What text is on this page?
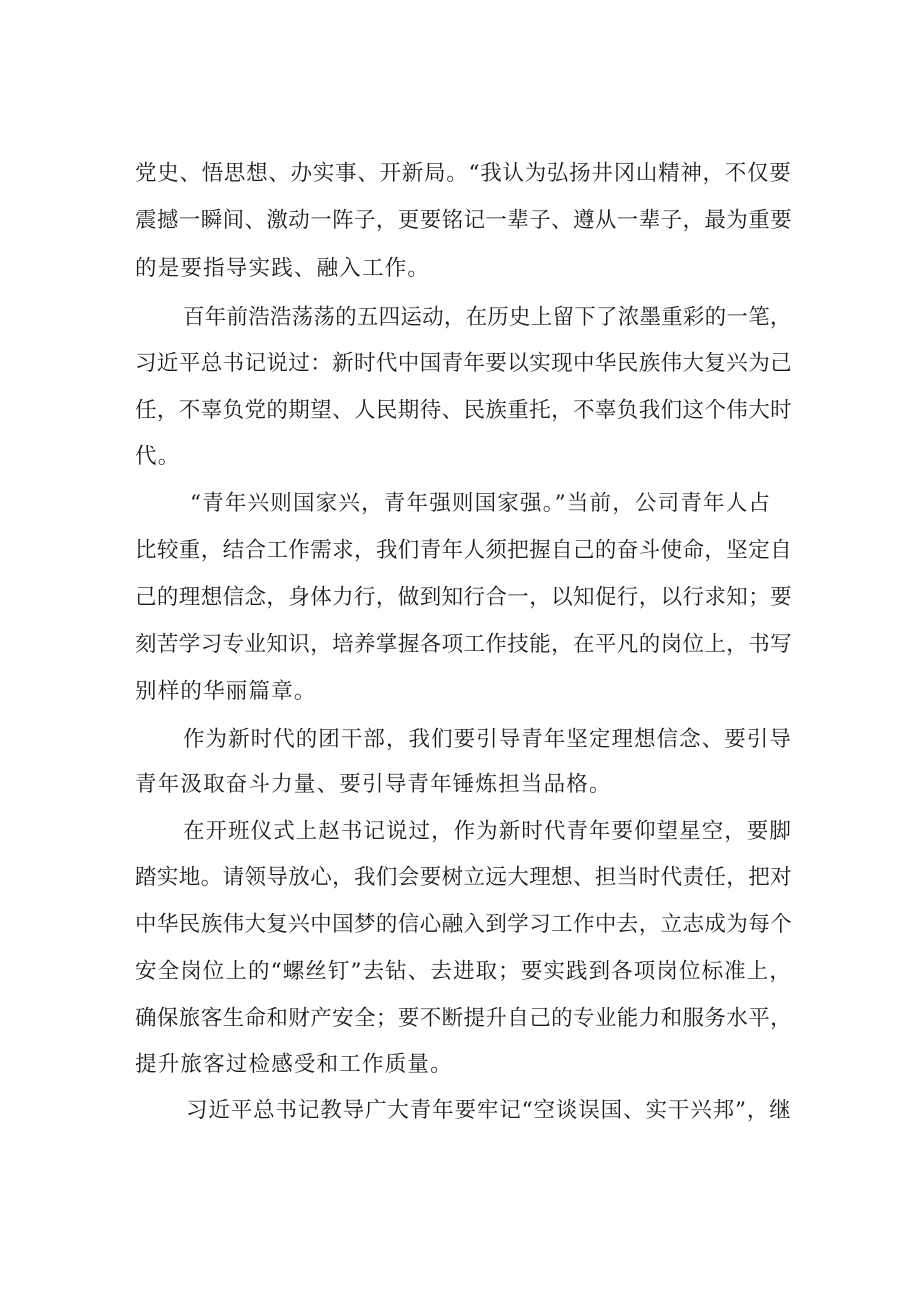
党史、悟思想、办实事、开新局。“我认为弘扬井冈山精神，不仅要
震撼一瞬间、激动一阵子，更要铭记一辈子、遵从一辈子，最为重要
的是要指导实践、融入工作。
百年前浩浩荡荡的五四运动，在历史上留下了浓墨重彩的一笔，
习近平总书记说过：新时代中国青年要以实现中华民族伟大复兴为己
任，不辜负党的期望、人民期待、民族重托，不辜负我们这个伟大时
代。
“青年兴则国家兴，青年强则国家强。”当前，公司青年人占
比较重，结合工作需求，我们青年人须把握自己的奋斗使命，坚定自
己的理想信念，身体力行，做到知行合一，以知促行，以行求知；要
刻苦学习专业知识，培养掌握各项工作技能，在平凡的岗位上，书写
别样的华丽篇章。
作为新时代的团干部，我们要引导青年坚定理想信念、要引导
青年汲取奋斗力量、要引导青年锤炼担当品格。
在开班仪式上赵书记说过，作为新时代青年要仰望星空，要脚
踏实地。请领导放心，我们会要树立远大理想、担当时代责任，把对
中华民族伟大复兴中国梦的信心融入到学习工作中去，立志成为每个
安全岗位上的“螺丝钉”去钻、去进取；要实践到各项岗位标准上，
确保旅客生命和财产安全；要不断提升自己的专业能力和服务水平，
提升旅客过检感受和工作质量。
习近平总书记教导广大青年要牢记“空谈误国、实干兴邦”，继
